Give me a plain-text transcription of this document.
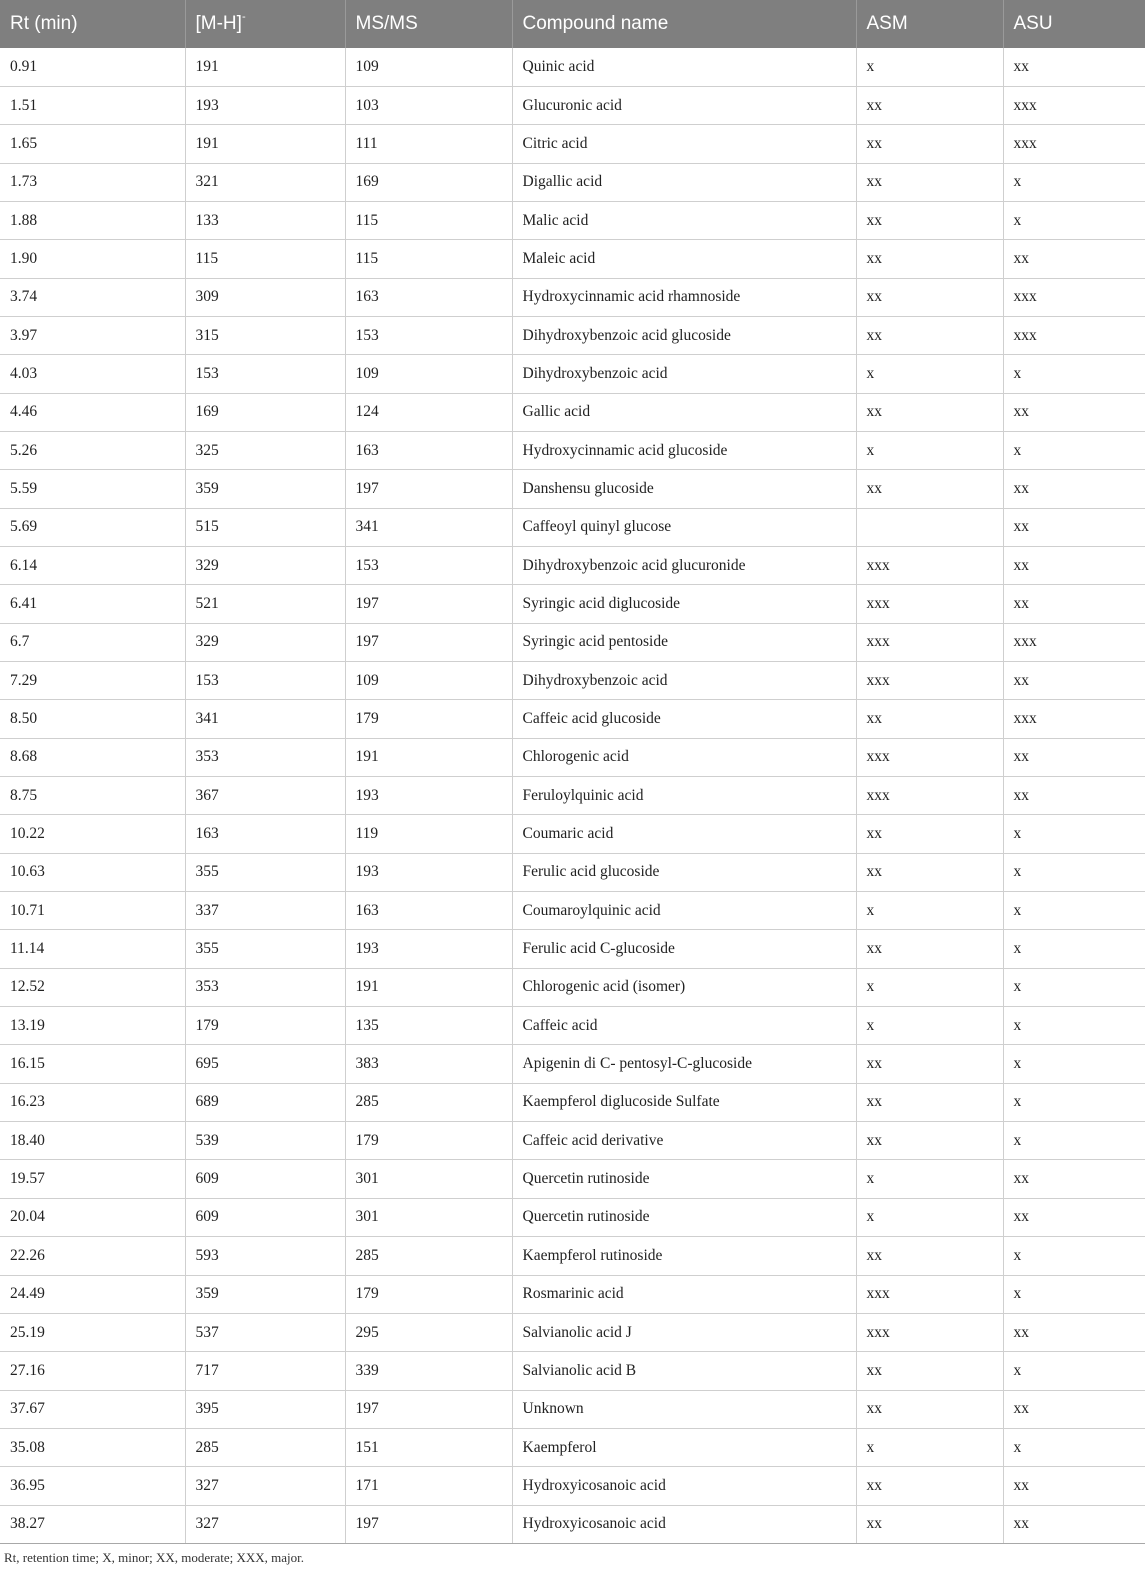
Rt (min)	[M-H]-	MS/MS	Compound name	ASM	ASU
0.91	191	109	Quinic acid	x	xx
1.51	193	103	Glucuronic acid	xx	xxx
1.65	191	111	Citric acid	xx	xxx
1.73	321	169	Digallic acid	xx	x
1.88	133	115	Malic acid	xx	x
1.90	115	115	Maleic acid	xx	xx
3.74	309	163	Hydroxycinnamic acid rhamnoside	xx	xxx
3.97	315	153	Dihydroxybenzoic acid glucoside	xx	xxx
4.03	153	109	Dihydroxybenzoic acid	x	x
4.46	169	124	Gallic acid	xx	xx
5.26	325	163	Hydroxycinnamic acid glucoside	x	x
5.59	359	197	Danshensu glucoside	xx	xx
5.69	515	341	Caffeoyl quinyl glucose		xx
6.14	329	153	Dihydroxybenzoic acid glucuronide	xxx	xx
6.41	521	197	Syringic acid diglucoside	xxx	xx
6.7	329	197	Syringic acid pentoside	xxx	xxx
7.29	153	109	Dihydroxybenzoic acid	xxx	xx
8.50	341	179	Caffeic acid glucoside	xx	xxx
8.68	353	191	Chlorogenic acid	xxx	xx
8.75	367	193	Feruloylquinic acid	xxx	xx
10.22	163	119	Coumaric acid	xx	x
10.63	355	193	Ferulic acid glucoside	xx	x
10.71	337	163	Coumaroylquinic acid	x	x
11.14	355	193	Ferulic acid C-glucoside	xx	x
12.52	353	191	Chlorogenic acid (isomer)	x	x
13.19	179	135	Caffeic acid	x	x
16.15	695	383	Apigenin di C- pentosyl-C-glucoside	xx	x
16.23	689	285	Kaempferol diglucoside Sulfate	xx	x
18.40	539	179	Caffeic acid derivative	xx	x
19.57	609	301	Quercetin rutinoside	x	xx
20.04	609	301	Quercetin rutinoside	x	xx
22.26	593	285	Kaempferol rutinoside	xx	x
24.49	359	179	Rosmarinic acid	xxx	x
25.19	537	295	Salvianolic acid J	xxx	xx
27.16	717	339	Salvianolic acid B	xx	x
37.67	395	197	Unknown	xx	xx
35.08	285	151	Kaempferol	x	x
36.95	327	171	Hydroxyicosanoic acid	xx	xx
38.27	327	197	Hydroxyicosanoic acid	xx	xx
Rt, retention time; X, minor; XX, moderate; XXX, major.
